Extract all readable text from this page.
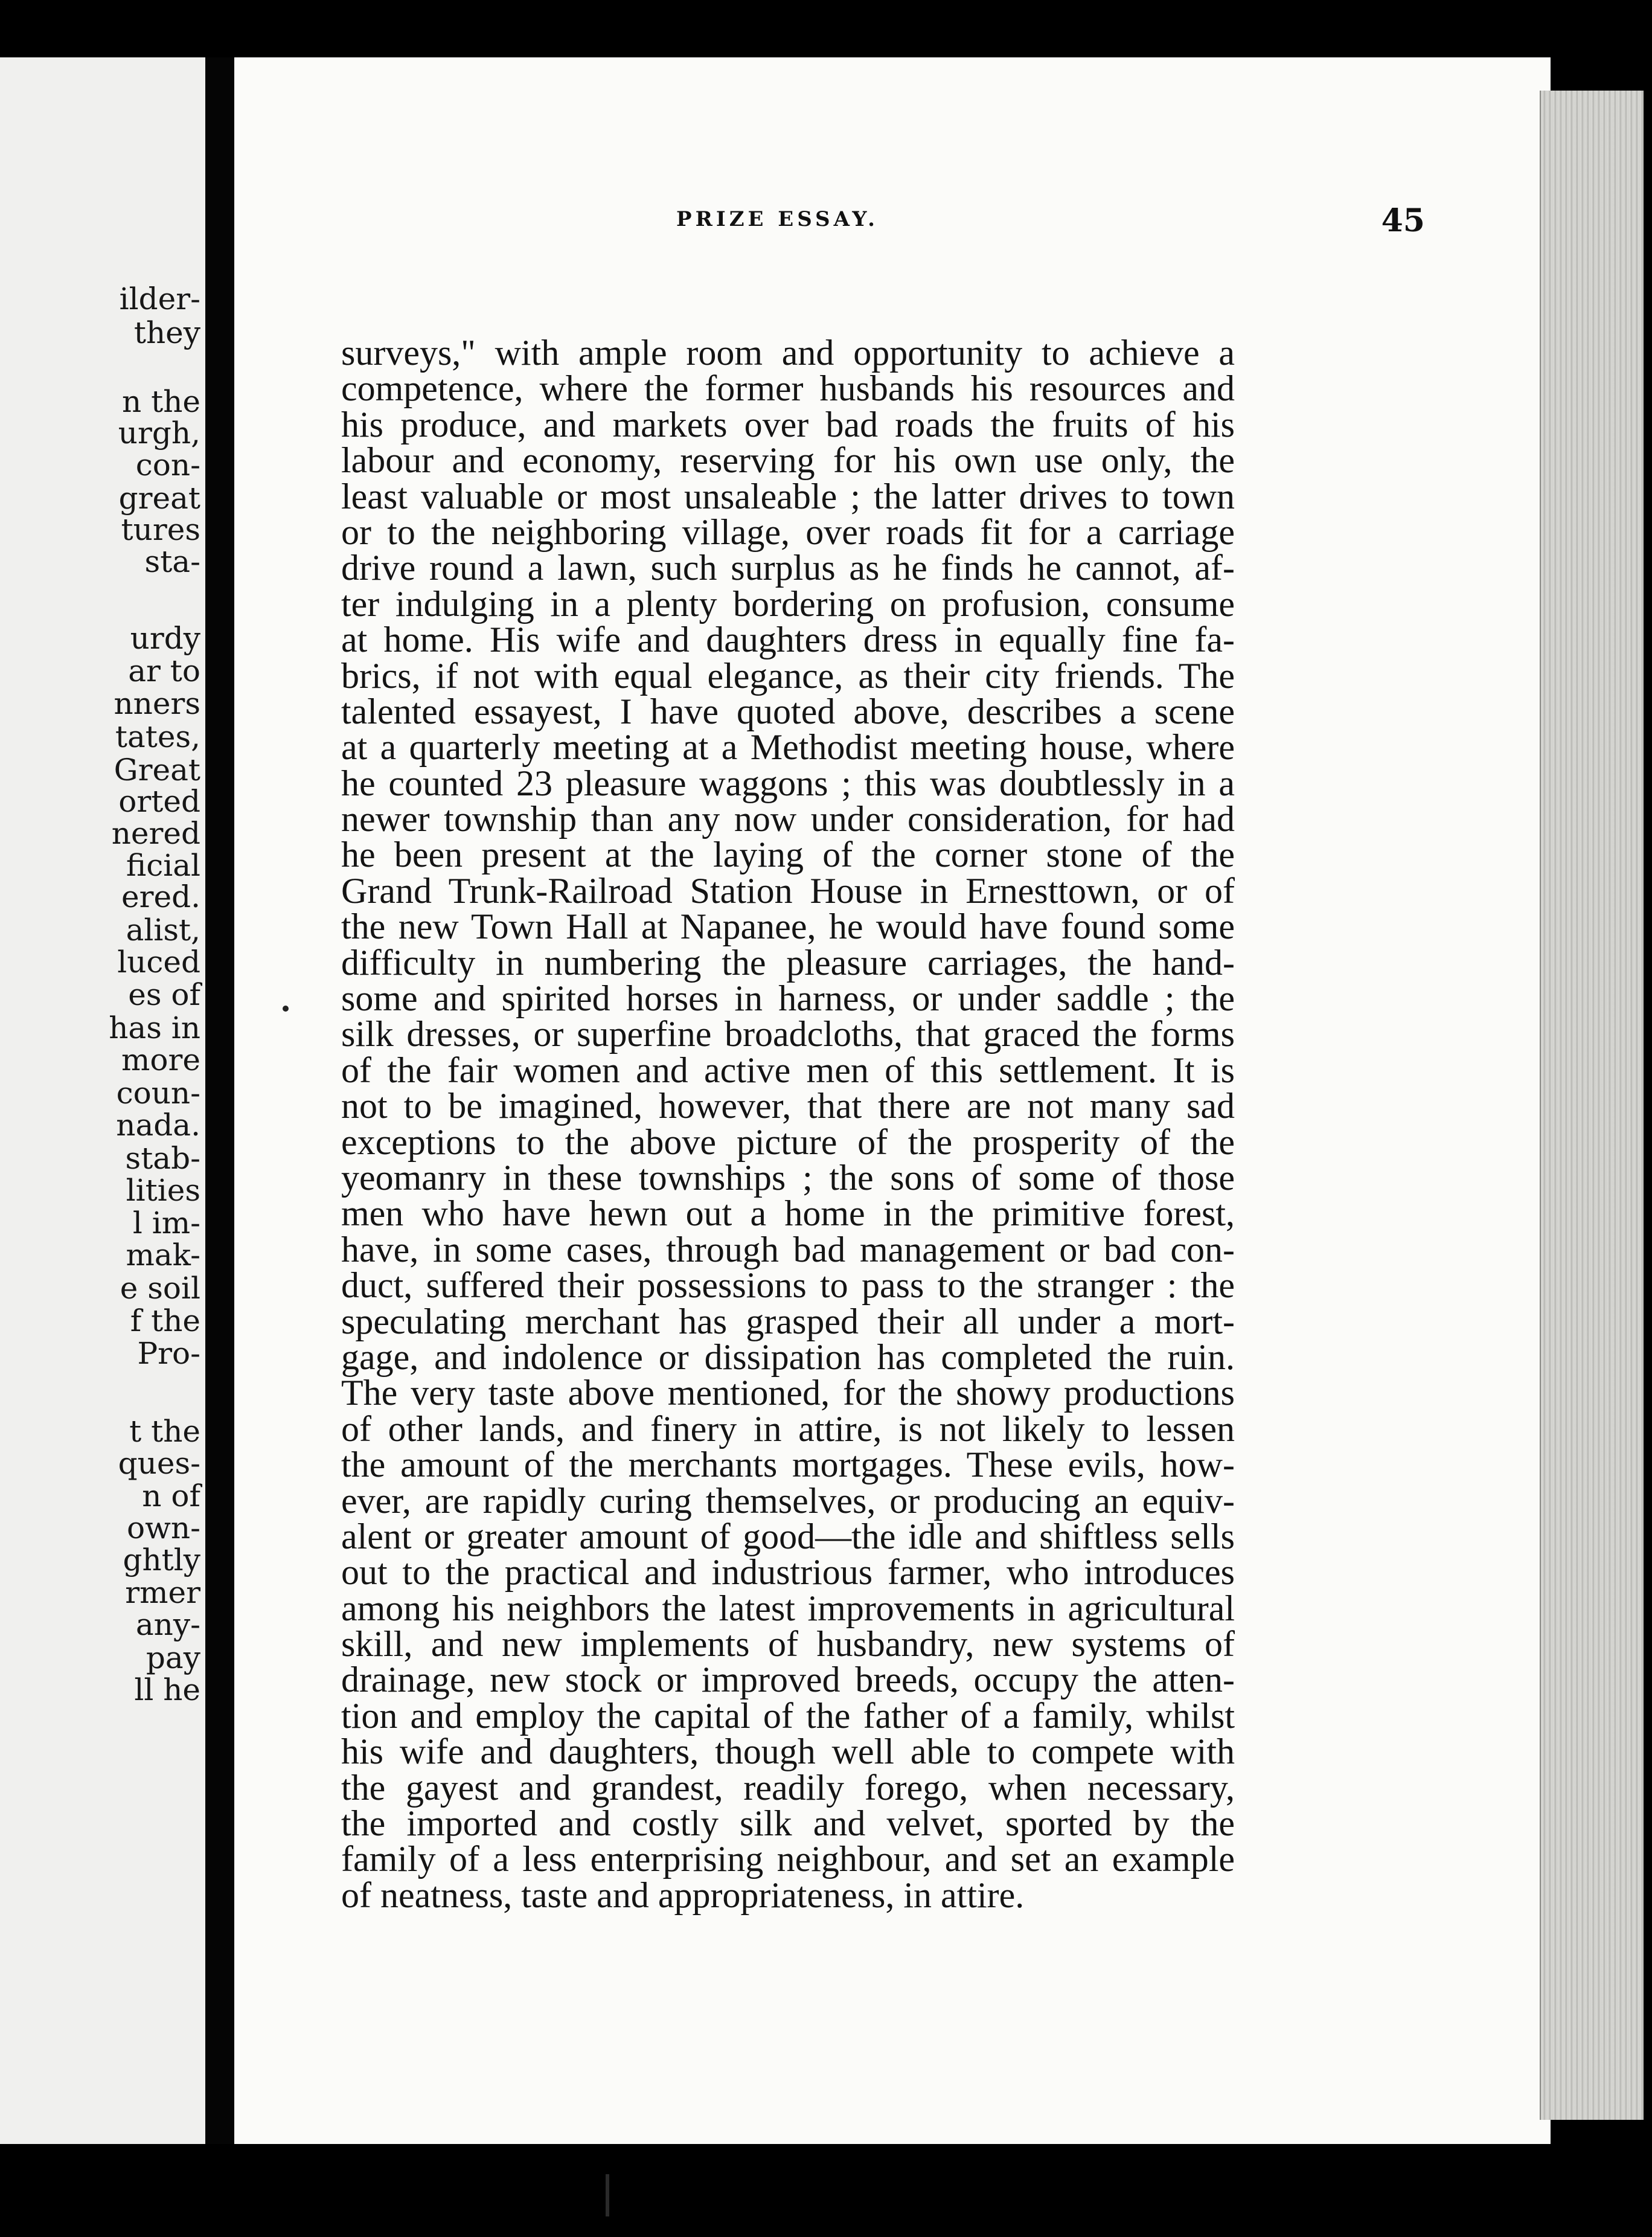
ilder-
they
n the
urgh,
con-
great
tures
sta-
urdy
ar to
nners
tates,
Great
orted
nered
ficial
ered.
alist,
luced
es of
has in
more
coun-
nada.
stab-
lities
l im-
mak-
e soil
f the
Pro-
t the
ques-
n of
own-
ghtly
rmer
any-
pay
ll he
PRIZE ESSAY.	45
surveys," with ample room and opportunity to achieve a
competence, where the former husbands his resources and
his produce, and markets over bad roads the fruits of his
labour and economy, reserving for his own use only, the
least valuable or most unsaleable ; the latter drives to town
or to the neighboring village, over roads fit for a carriage
drive round a lawn, such surplus as he finds he cannot, af-
ter indulging in a plenty bordering on profusion, consume
at home. His wife and daughters dress in equally fine fa-
brics, if not with equal elegance, as their city friends. The
talented essayest, I have quoted above, describes a scene
at a quarterly meeting at a Methodist meeting house, where
he counted 23 pleasure waggons ; this was doubtlessly in a
newer township than any now under consideration, for had
he been present at the laying of the corner stone of the
Grand Trunk-Railroad Station House in Ernesttown, or of
the new Town Hall at Napanee, he would have found some
difficulty in numbering the pleasure carriages, the hand-
some and spirited horses in harness, or under saddle ; the
silk dresses, or superfine broadcloths, that graced the forms
of the fair women and active men of this settlement. It is
not to be imagined, however, that there are not many sad
exceptions to the above picture of the prosperity of the
yeomanry in these townships ; the sons of some of those
men who have hewn out a home in the primitive forest,
have, in some cases, through bad management or bad con-
duct, suffered their possessions to pass to the stranger : the
speculating merchant has grasped their all under a mort-
gage, and indolence or dissipation has completed the ruin.
The very taste above mentioned, for the showy productions
of other lands, and finery in attire, is not likely to lessen
the amount of the merchants mortgages. These evils, how-
ever, are rapidly curing themselves, or producing an equiv-
alent or greater amount of good—the idle and shiftless sells
out to the practical and industrious farmer, who introduces
among his neighbors the latest improvements in agricultural
skill, and new implements of husbandry, new systems of
drainage, new stock or improved breeds, occupy the atten-
tion and employ the capital of the father of a family, whilst
his wife and daughters, though well able to compete with
the gayest and grandest, readily forego, when necessary,
the imported and costly silk and velvet, sported by the
family of a less enterprising neighbour, and set an example
of neatness, taste and appropriateness, in attire.
